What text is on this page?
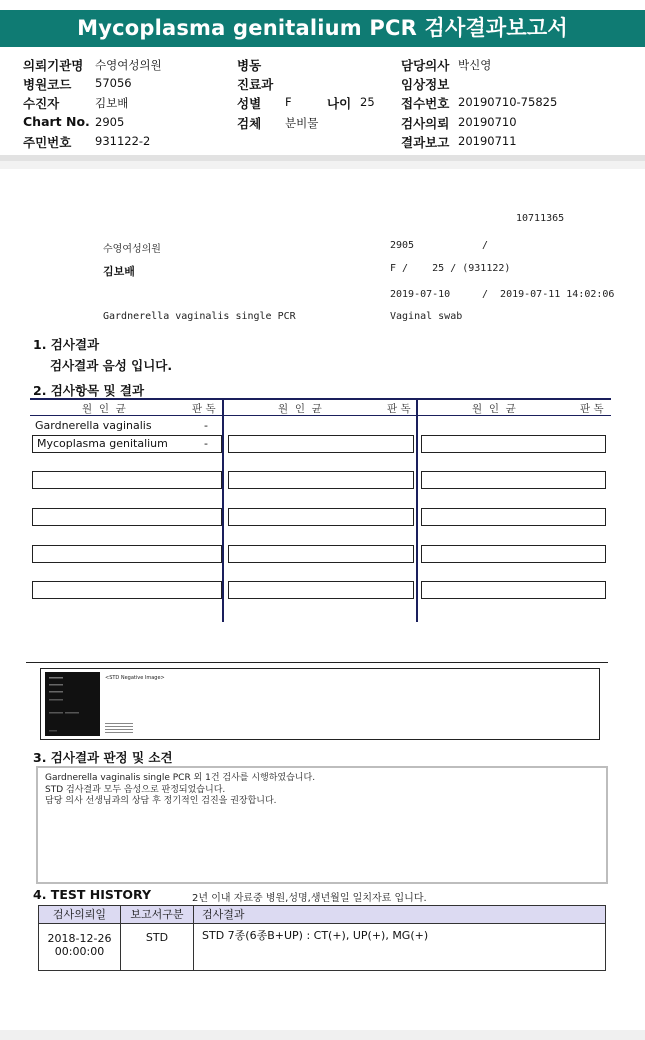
Mycoplasma genitalium PCR 검사결과보고서
의뢰기관명 수영여성의원
병원코드 57056
수진자	김보배
Chart No. 2905
주민번호 931122-2
병동
진료과
성별 F	나이 25
검체 분비물
담당의사 박신영
임상정보
접수번호 20190710-75825
검사의뢰 20190710
결과보고 20190711
10711365
수영여성의원	2905	/
김보배	F /    25 / (931122)
2019-07-10	/  2019-07-11 14:02:06
Gardnerella vaginalis single PCR	Vaginal swab
1. 검사결과
검사결과 음성 입니다.
2. 검사항목 및 결과
원  인  균	판 독	원  인  균	판 독	원  인  균	판 독
Gardnerella vaginalis	-
Mycoplasma genitalium	-
<STD Negative Image>
3. 검사결과 판정 및 소견
Gardnerella vaginalis single PCR 외 1건 검사를 시행하였습니다.
STD 검사결과 모두 음성으로 판정되었습니다.
담당 의사 선생님과의 상담 후 정기적인 검진을 권장합니다.
4. TEST HISTORY	2년 이내 자료중 병원,성명,생년월일 일치자료 입니다.
검사의뢰일	보고서구분	검사결과
2018-12-26
00:00:00
STD	STD 7종(6종B+UP) : CT(+), UP(+), MG(+)
